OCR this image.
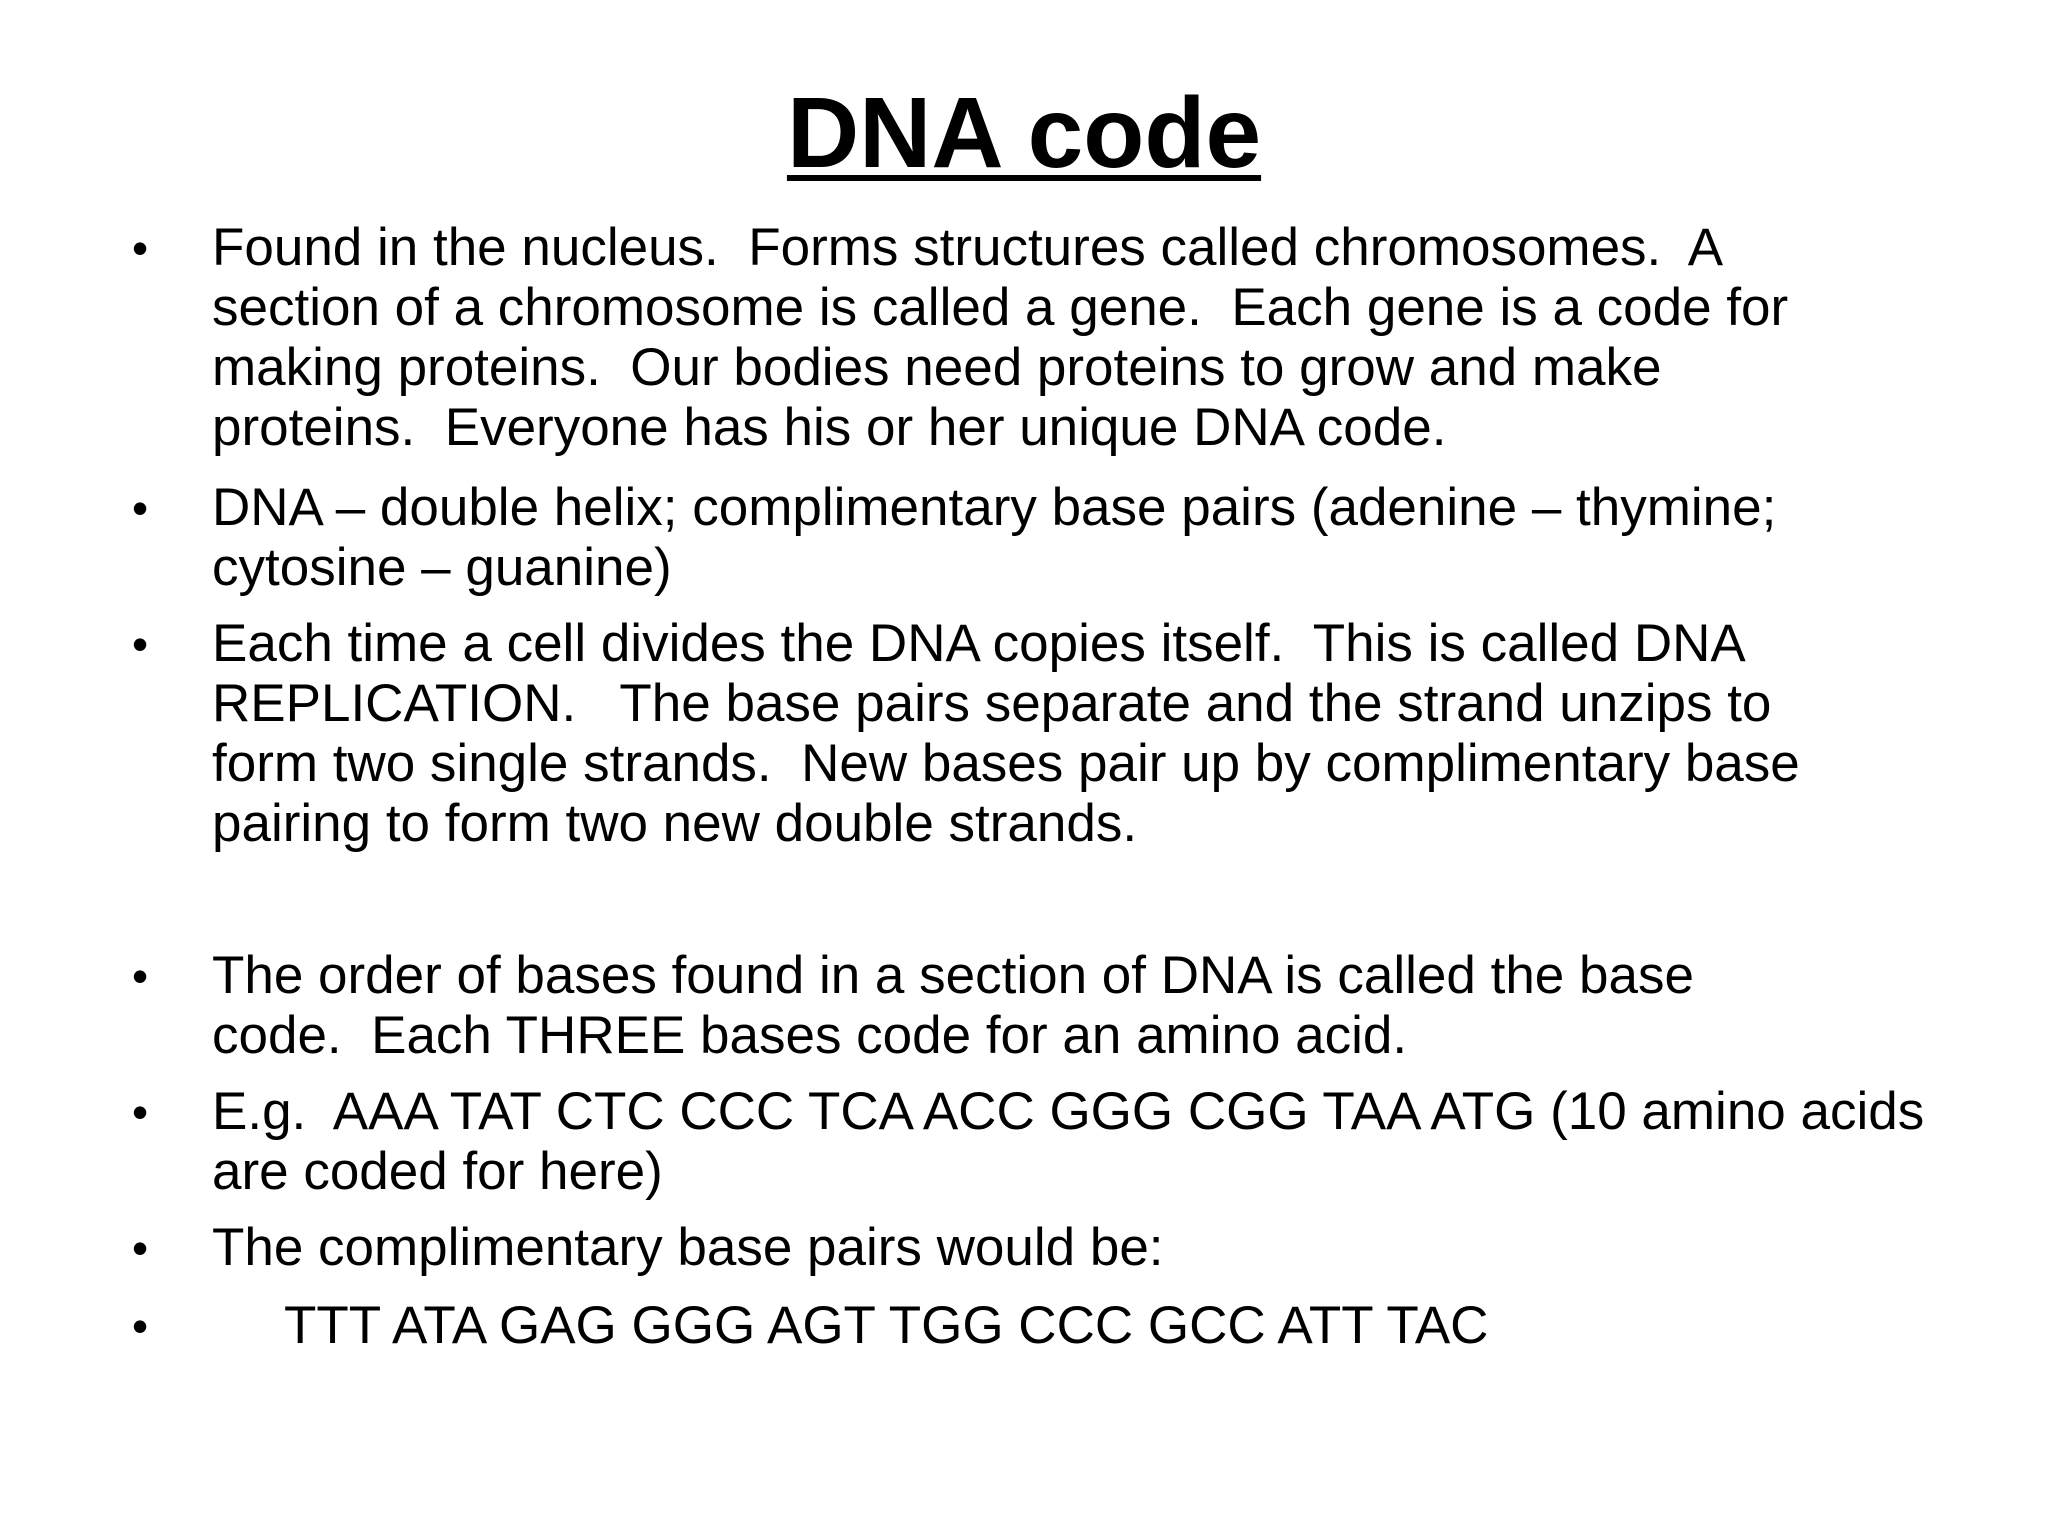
DNA code
• Found in the nucleus.  Forms structures called chromosomes.  A
section of a chromosome is called a gene.  Each gene is a code for
making proteins.  Our bodies need proteins to grow and make
proteins.  Everyone has his or her unique DNA code.
• DNA – double helix; complimentary base pairs (adenine – thymine;
cytosine – guanine)
• Each time a cell divides the DNA copies itself.  This is called DNA
REPLICATION.   The base pairs separate and the strand unzips to
form two single strands.  New bases pair up by complimentary base
pairing to form two new double strands.
• The order of bases found in a section of DNA is called the base
code.  Each THREE bases code for an amino acid.
• E.g.  AAA TAT CTC CCC TCA ACC GGG CGG TAA ATG (10 amino acids
are coded for here)
• The complimentary base pairs would be:
•	TTT ATA GAG GGG AGT TGG CCC GCC ATT TAC
